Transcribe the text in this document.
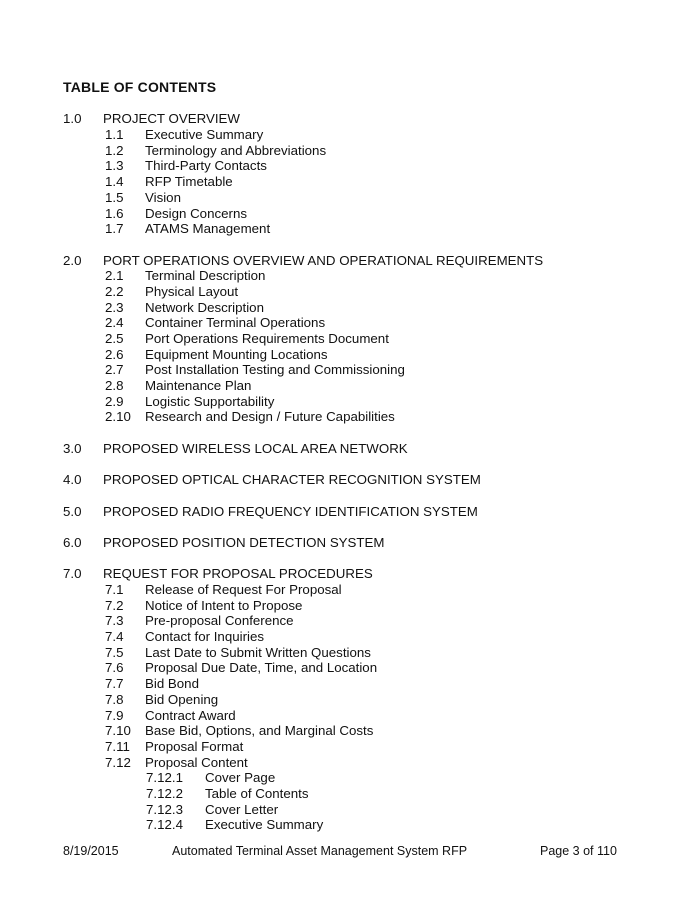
TABLE OF CONTENTS
1.0	PROJECT OVERVIEW
1.1	Executive Summary
1.2	Terminology and Abbreviations
1.3	Third-Party Contacts
1.4	RFP Timetable
1.5	Vision
1.6	Design Concerns
1.7	ATAMS Management
2.0	PORT OPERATIONS OVERVIEW AND OPERATIONAL REQUIREMENTS
2.1	Terminal Description
2.2	Physical Layout
2.3	Network Description
2.4	Container Terminal Operations
2.5	Port Operations Requirements Document
2.6	Equipment Mounting Locations
2.7	Post Installation Testing and Commissioning
2.8	Maintenance Plan
2.9	Logistic Supportability
2.10	Research and Design / Future Capabilities
3.0	PROPOSED WIRELESS LOCAL AREA NETWORK
4.0	PROPOSED OPTICAL CHARACTER RECOGNITION SYSTEM
5.0	PROPOSED RADIO FREQUENCY IDENTIFICATION SYSTEM
6.0	PROPOSED POSITION DETECTION SYSTEM
7.0	REQUEST FOR PROPOSAL PROCEDURES
7.1	Release of Request For Proposal
7.2	Notice of Intent to Propose
7.3	Pre-proposal Conference
7.4	Contact for Inquiries
7.5	Last Date to Submit Written Questions
7.6	Proposal Due Date, Time, and Location
7.7	Bid Bond
7.8	Bid Opening
7.9	Contract Award
7.10	Base Bid, Options, and Marginal Costs
7.11	Proposal Format
7.12	Proposal Content
7.12.1	Cover Page
7.12.2	Table of Contents
7.12.3	Cover Letter
7.12.4	Executive Summary
8/19/2015	Automated Terminal Asset Management System RFP	Page 3 of 110
